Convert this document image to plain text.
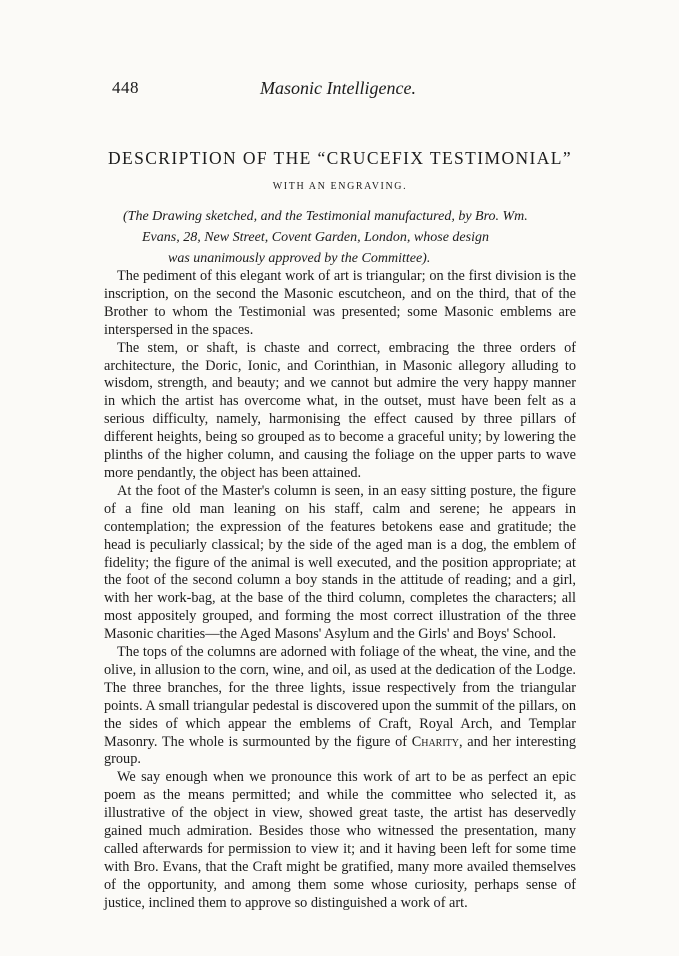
448	Masonic Intelligence.
DESCRIPTION OF THE “CRUCEFIX TESTIMONIAL”
WITH AN ENGRAVING.
(The Drawing sketched, and the Testimonial manufactured, by Bro. Wm.
Evans, 28, New Street, Covent Garden, London, whose design
was unanimously approved by the Committee).

The pediment of this elegant work of art is triangular; on the first division is the inscription, on the second the Masonic escutcheon, and on the third, that of the Brother to whom the Testimonial was presented; some Masonic emblems are interspersed in the spaces.

The stem, or shaft, is chaste and correct, embracing the three orders of architecture, the Doric, Ionic, and Corinthian, in Masonic allegory alluding to wisdom, strength, and beauty; and we cannot but admire the very happy manner in which the artist has overcome what, in the outset, must have been felt as a serious difficulty, namely, harmonising the effect caused by three pillars of different heights, being so grouped as to become a graceful unity; by lowering the plinths of the higher column, and causing the foliage on the upper parts to wave more pendantly, the object has been attained.

At the foot of the Master's column is seen, in an easy sitting posture, the figure of a fine old man leaning on his staff, calm and serene; he appears in contemplation; the expression of the features betokens ease and gratitude; the head is peculiarly classical; by the side of the aged man is a dog, the emblem of fidelity; the figure of the animal is well executed, and the position appropriate; at the foot of the second column a boy stands in the attitude of reading; and a girl, with her work-bag, at the base of the third column, completes the characters; all most appositely grouped, and forming the most correct illustration of the three Masonic charities—the Aged Masons' Asylum and the Girls' and Boys' School.

The tops of the columns are adorned with foliage of the wheat, the vine, and the olive, in allusion to the corn, wine, and oil, as used at the dedication of the Lodge. The three branches, for the three lights, issue respectively from the triangular points. A small triangular pedestal is discovered upon the summit of the pillars, on the sides of which appear the emblems of Craft, Royal Arch, and Templar Masonry. The whole is surmounted by the figure of Charity, and her interesting group.

We say enough when we pronounce this work of art to be as perfect an epic poem as the means permitted; and while the committee who selected it, as illustrative of the object in view, showed great taste, the artist has deservedly gained much admiration. Besides those who witnessed the presentation, many called afterwards for permission to view it; and it having been left for some time with Bro. Evans, that the Craft might be gratified, many more availed themselves of the opportunity, and among them some whose curiosity, perhaps sense of justice, inclined them to approve so distinguished a work of art.
